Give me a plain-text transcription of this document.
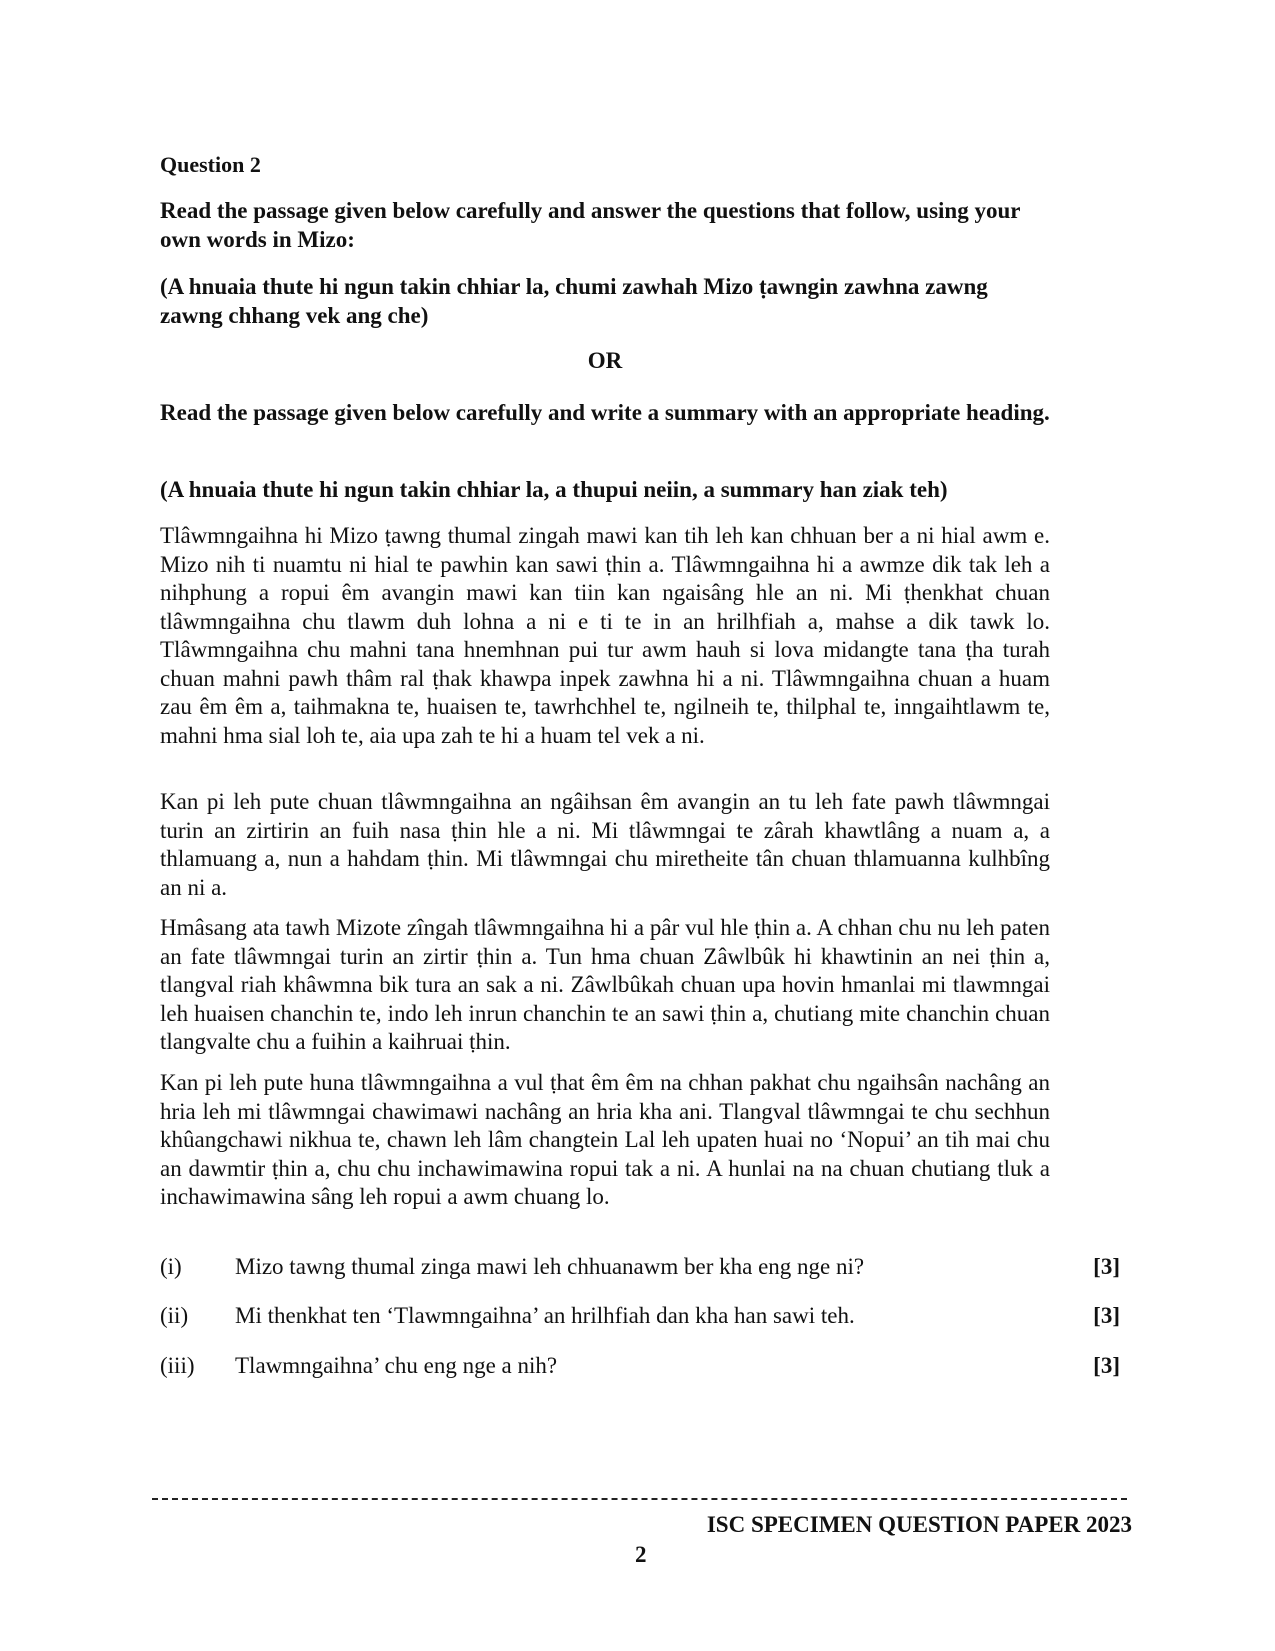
Question 2

Read the passage given below carefully and answer the questions that follow, using your own words in Mizo:

(A hnuaia thute hi ngun takin chhiar la, chumi zawhah Mizo ṭawngin zawhna zawng zawng chhang vek ang che)

OR

Read the passage given below carefully and write a summary with an appropriate heading.

(A hnuaia thute hi ngun takin chhiar la, a thupui neiin, a summary han ziak teh)

Tlâwmngaihna hi Mizo ṭawng thumal zingah mawi kan tih leh kan chhuan ber a ni hial awm e. Mizo nih ti nuamtu ni hial te pawhin kan sawi ṭhin a. Tlâwmngaihna hi a awmze dik tak leh a nihphung a ropui êm avangin mawi kan tiin kan ngaisâng hle an ni. Mi ṭhenkhat chuan tlâwmngaihna chu tlawm duh lohna a ni e ti te in an hrilhfiah a, mahse a dik tawk lo. Tlâwmngaihna chu mahni tana hnemhnan pui tur awm hauh si lova midangte tana ṭha turah chuan mahni pawh thâm ral ṭhak khawpa inpek zawhna hi a ni. Tlâwmngaihna chuan a huam zau êm êm a, taihmakna te, huaisen te, tawrhchhel te, ngilneih te, thilphal te, inngaihtlawm te, mahni hma sial loh te, aia upa zah te hi a huam tel vek a ni.

Kan pi leh pute chuan tlâwmngaihna an ngâihsan êm avangin an tu leh fate pawh tlâwmngai turin an zirtirin an fuih nasa ṭhin hle a ni. Mi tlâwmngai te zârah khawtlâng a nuam a, a thlamuang a, nun a hahdam ṭhin. Mi tlâwmngai chu miretheite tân chuan thlamuanna kulhbîng an ni a.

Hmâsang ata tawh Mizote zîngah tlâwmngaihna hi a pâr vul hle ṭhin a. A chhan chu nu leh paten an fate tlâwmngai turin an zirtir ṭhin a. Tun hma chuan Zâwlbûk hi khawtinin an nei ṭhin a, tlangval riah khâwmna bik tura an sak a ni. Zâwlbûkah chuan upa hovin hmanlai mi tlawmngai leh huaisen chanchin te, indo leh inrun chanchin te an sawi ṭhin a, chutiang mite chanchin chuan tlangvalte chu a fuihin a kaihruai ṭhin.

Kan pi leh pute huna tlâwmngaihna a vul ṭhat êm êm na chhan pakhat chu ngaihsân nachâng an hria leh mi tlâwmngai chawimawi nachâng an hria kha ani. Tlangval tlâwmngai te chu sechhun khûangchawi nikhua te, chawn leh lâm changtein Lal leh upaten huai no ‘Nopui’ an tih mai chu an dawmtir ṭhin a, chu chu inchawimawina ropui tak a ni. A hunlai na na chuan chutiang tluk a inchawimawina sâng leh ropui a awm chuang lo.

(i) Mizo tawng thumal zinga mawi leh chhuanawm ber kha eng nge ni?	[3]
(ii) Mi thenkhat ten ‘Tlawmngaihna’ an hrilhfiah dan kha han sawi teh.	[3]
(iii) Tlawmngaihna’ chu eng nge a nih?	[3]
ISC SPECIMEN QUESTION PAPER 2023
2
